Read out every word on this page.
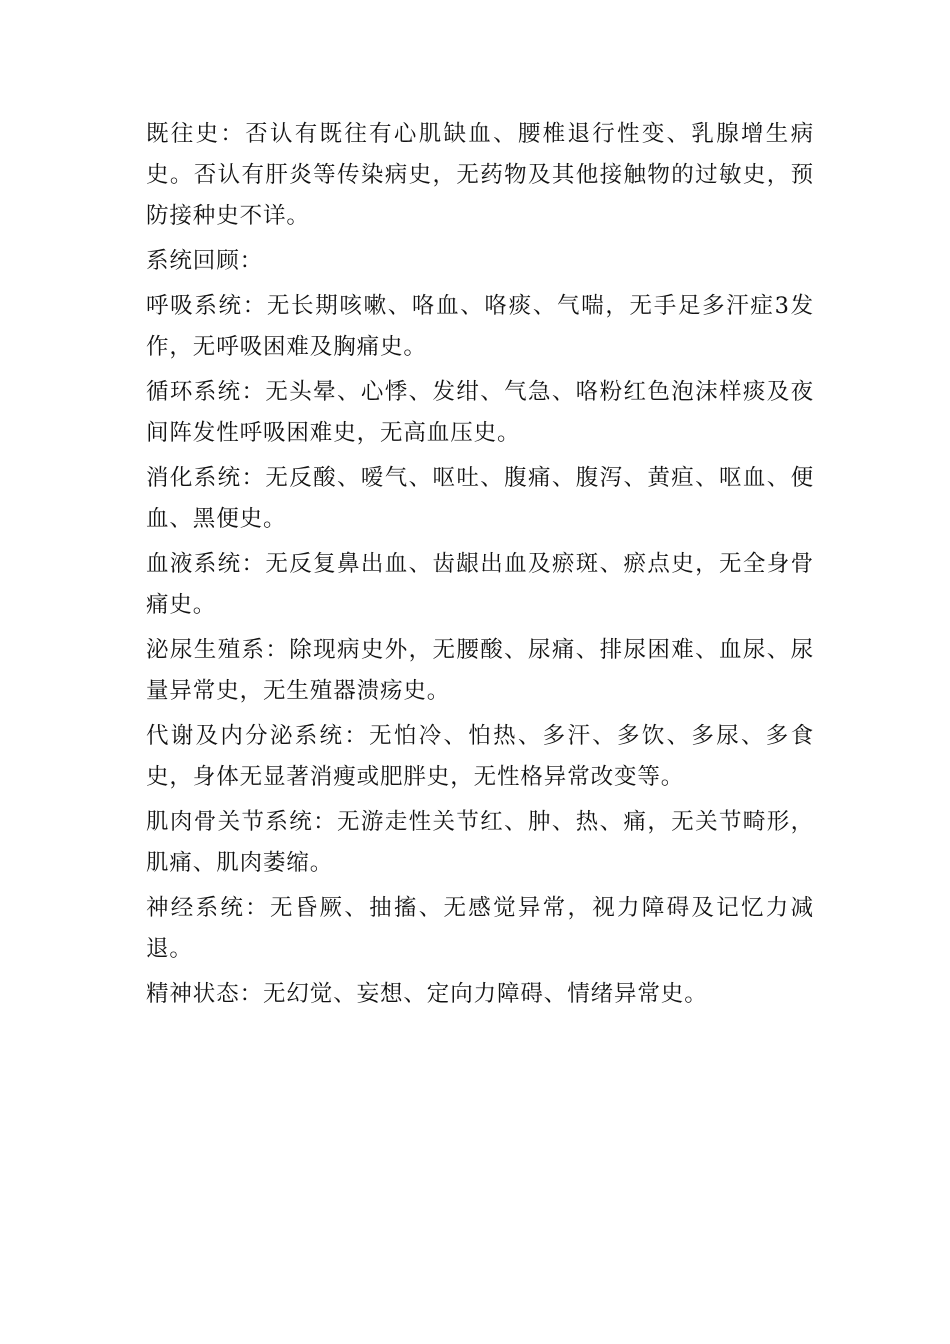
既往史：否认有既往有心肌缺血、腰椎退行性变、乳腺增生病史。否认有肝炎等传染病史，无药物及其他接触物的过敏史，预防接种史不详。

系统回顾：

呼吸系统：无长期咳嗽、咯血、咯痰、气喘，无手足多汗症3发作，无呼吸困难及胸痛史。

循环系统：无头晕、心悸、发绀、气急、咯粉红色泡沫样痰及夜间阵发性呼吸困难史，无高血压史。

消化系统：无反酸、嗳气、呕吐、腹痛、腹泻、黄疸、呕血、便血、黑便史。

血液系统：无反复鼻出血、齿龈出血及瘀斑、瘀点史，无全身骨痛史。

泌尿生殖系：除现病史外，无腰酸、尿痛、排尿困难、血尿、尿量异常史，无生殖器溃疡史。

代谢及内分泌系统：无怕冷、怕热、多汗、多饮、多尿、多食史，身体无显著消瘦或肥胖史，无性格异常改变等。

肌肉骨关节系统：无游走性关节红、肿、热、痛，无关节畸形，肌痛、肌肉萎缩。

神经系统：无昏厥、抽搐、无感觉异常，视力障碍及记忆力减退。

精神状态：无幻觉、妄想、定向力障碍、情绪异常史。
